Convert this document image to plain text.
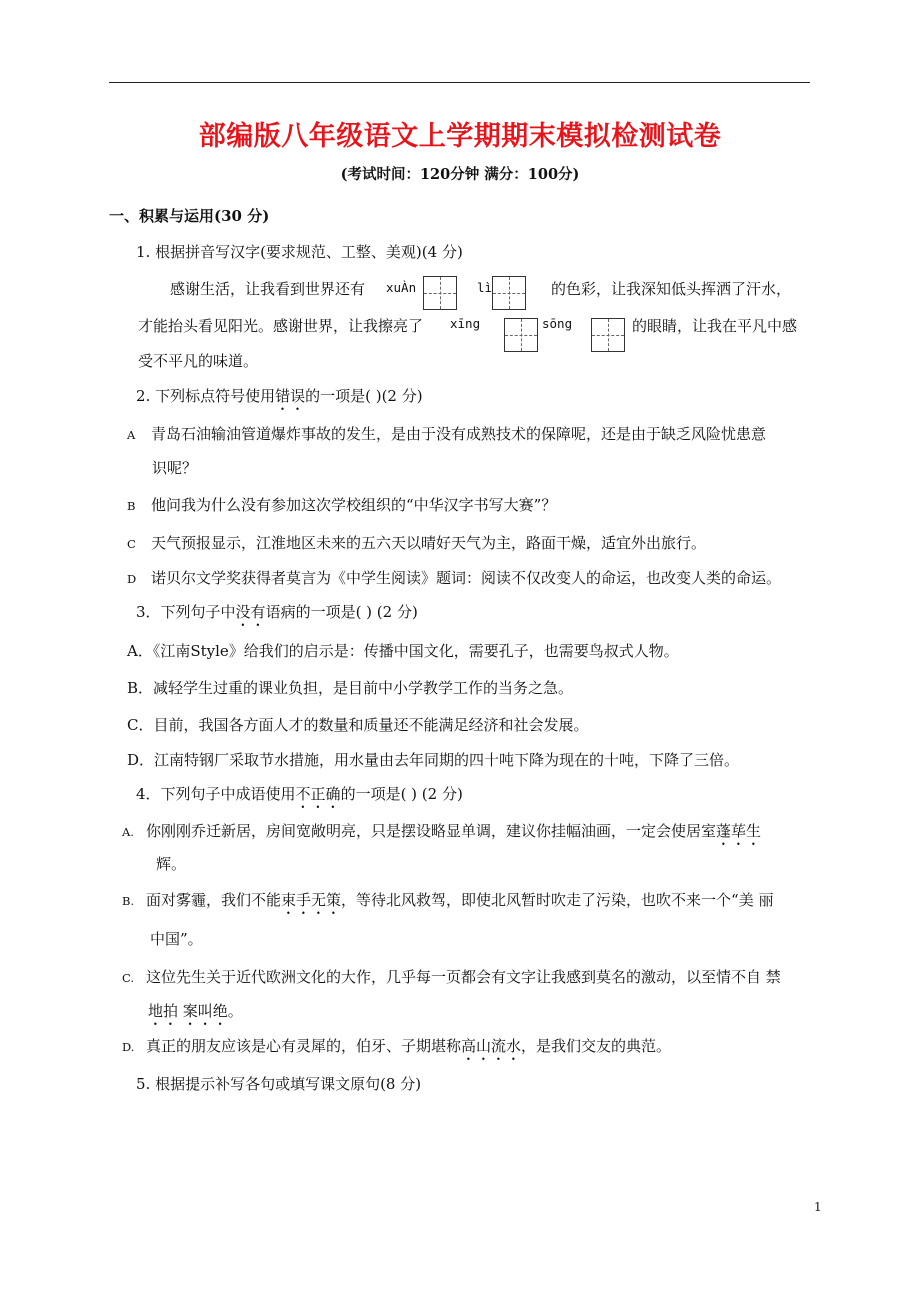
部编版八年级语文上学期期末模拟检测试卷
(考试时间：120分钟 满分：100分)
一、积累与运用(30 分)
1. 根据拼音写汉字(要求规范、工整、美观)(4 分)
感谢生活，让我看到世界还有 xuÀn	lì	的色彩，让我深知低头挥洒了汗水，
才能抬头看见阳光。感谢世界，让我擦亮了 xīng	sōng	的眼睛，让我在平凡中感
受不平凡的味道。
2. 下列标点符号使用错误的一项是( )(2 分)
A 青岛石油输油管道爆炸事故的发生，是由于没有成熟技术的保障呢，还是由于缺乏风险忧患意
识呢？
B 他问我为什么没有参加这次学校组织的“中华汉字书写大赛”？
C 天气预报显示，江淮地区未来的五六天以晴好天气为主，路面干燥，适宜外出旅行。
D 诺贝尔文学奖获得者莫言为《中学生阅读》题词：阅读不仅改变人的命运，也改变人类的命运。
3．下列句子中没有语病的一项是( ) (2 分)
A．《江南Style》给我们的启示是：传播中国文化，需要孔子，也需要鸟叔式人物。
B．减轻学生过重的课业负担，是目前中小学教学工作的当务之急。
C．目前，我国各方面人才的数量和质量还不能满足经济和社会发展。
D．江南特钢厂采取节水措施，用水量由去年同期的四十吨下降为现在的十吨，下降了三倍。
4．下列句子中成语使用不正确的一项是( ) (2 分)
A. 你刚刚乔迁新居，房间宽敞明亮，只是摆设略显单调，建议你挂幅油画，一定会使居室蓬荜生
辉。
B. 面对雾霾，我们不能束手无策，等待北风救驾，即使北风暂时吹走了污染，也吹不来一个“美 丽
中国”。
C. 这位先生关于近代欧洲文化的大作，几乎每一页都会有文字让我感到莫名的激动，以至情不自 禁
地拍 案叫绝。
D. 真正的朋友应该是心有灵犀的，伯牙、子期堪称高山流水，是我们交友的典范。
5. 根据提示补写各句或填写课文原句(8 分)
1
